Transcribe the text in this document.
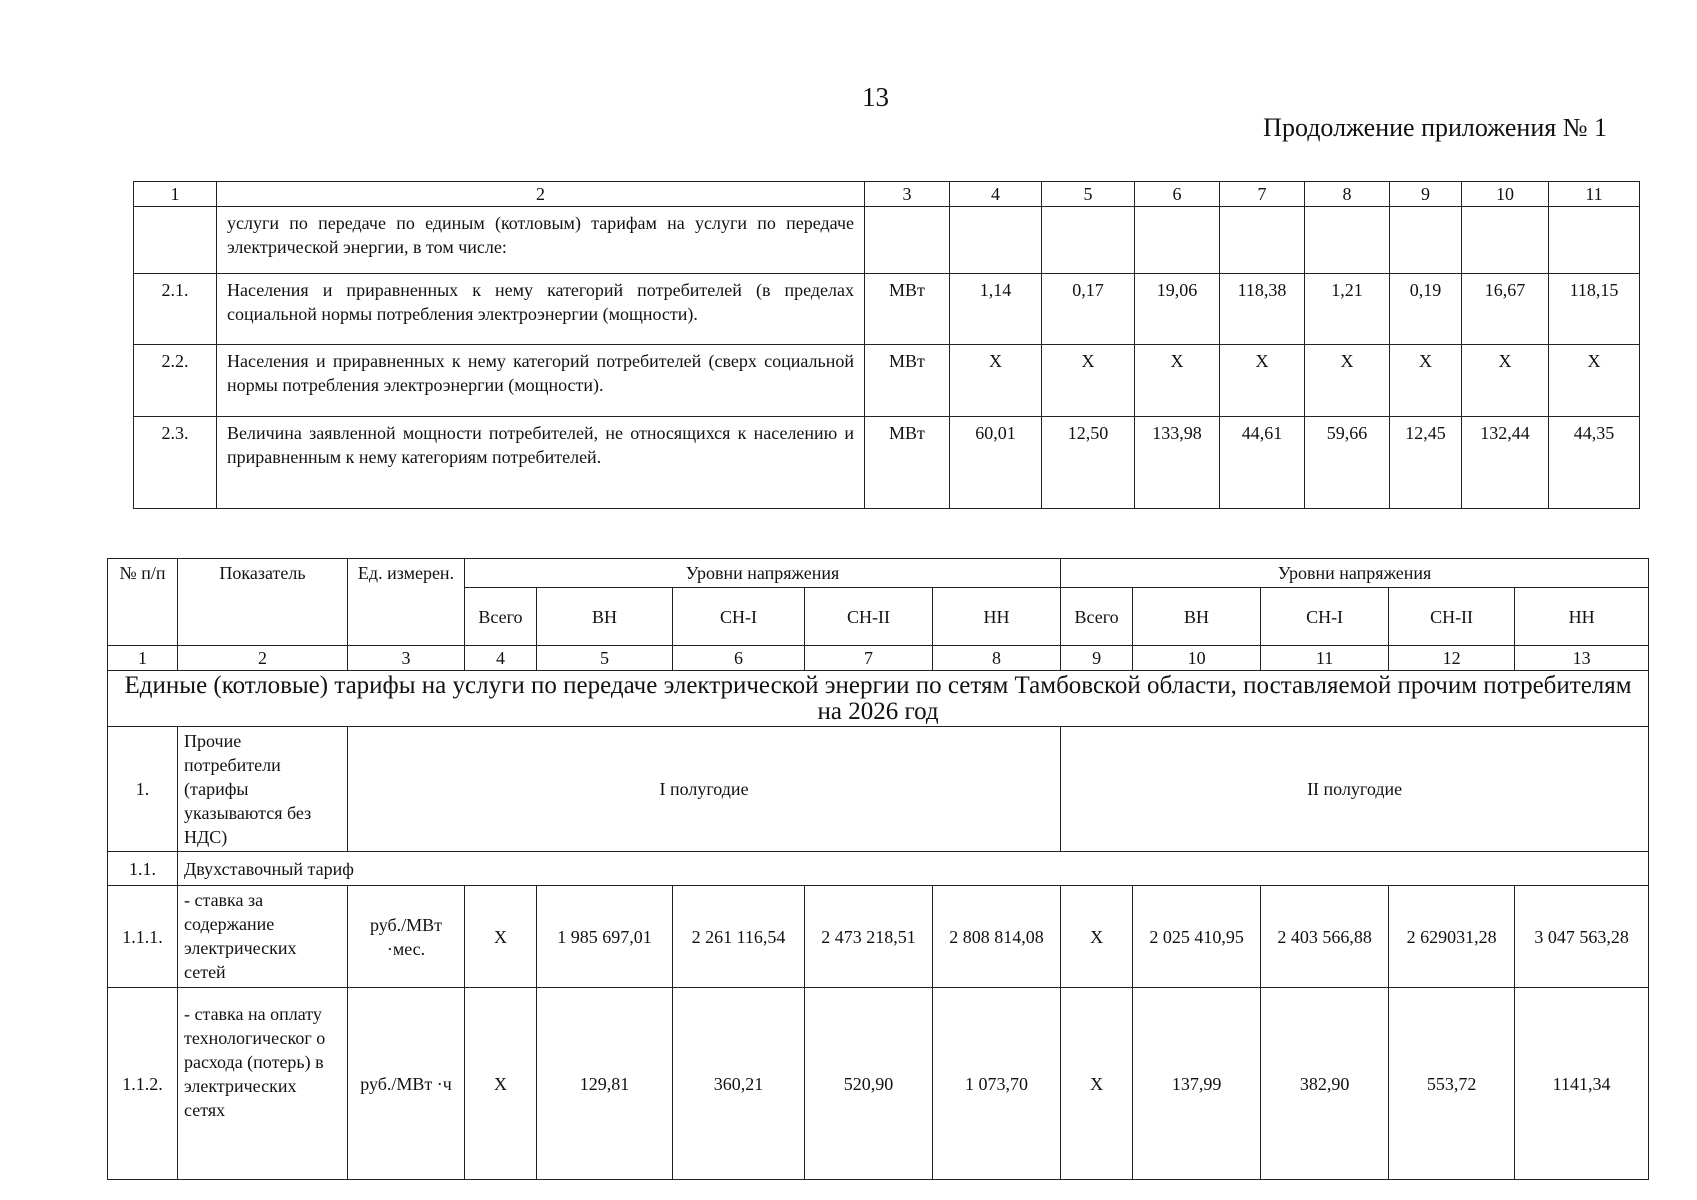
13
Продолжение приложения № 1
1	2	3	4	5	6	7	8	9	10	11
	услуги по передаче по единым (котловым) тарифам на услуги по передаче электрической энергии, в том числе:									
2.1.	Населения и приравненных к нему категорий потребителей (в пределах социальной нормы потребления электроэнергии (мощности).	МВт	1,14	0,17	19,06	118,38	1,21	0,19	16,67	118,15
2.2.	Населения и приравненных к нему категорий потребителей (сверх социальной нормы потребления электроэнергии (мощности).	МВт	X	X	X	X	X	X	X	X
2.3.	Величина заявленной мощности потребителей, не относящихся к населению и приравненным к нему категориям потребителей.	МВт	60,01	12,50	133,98	44,61	59,66	12,45	132,44	44,35
№ п/п	Показатель	Ед. измерен.	Уровни напряжения					Уровни напряжения				
			Всего	ВН	СН-I	СН-II	НН	Всего	ВН	СН-I	СН-II	НН
1	2	3	4	5	6	7	8	9	10	11	12	13
Единые (котловые) тарифы на услуги по передаче электрической энергии по сетям Тамбовской области, поставляемой прочим потребителям на 2026 год												
1.	Прочие потребители (тарифы указываются без НДС)	I полугодие						II полугодие				
1.1.	Двухставочный тариф											
1.1.1.	- ставка за содержание электрических сетей	руб./МВт ·мес.	X	1 985 697,01	2 261 116,54	2 473 218,51	2 808 814,08	X	2 025 410,95	2 403 566,88	2 629031,28	3 047 563,28
1.1.2.	- ставка на оплату технологическог о расхода (потерь) в электрических сетях	руб./МВт ·ч	X	129,81	360,21	520,90	1 073,70	X	137,99	382,90	553,72	1141,34
